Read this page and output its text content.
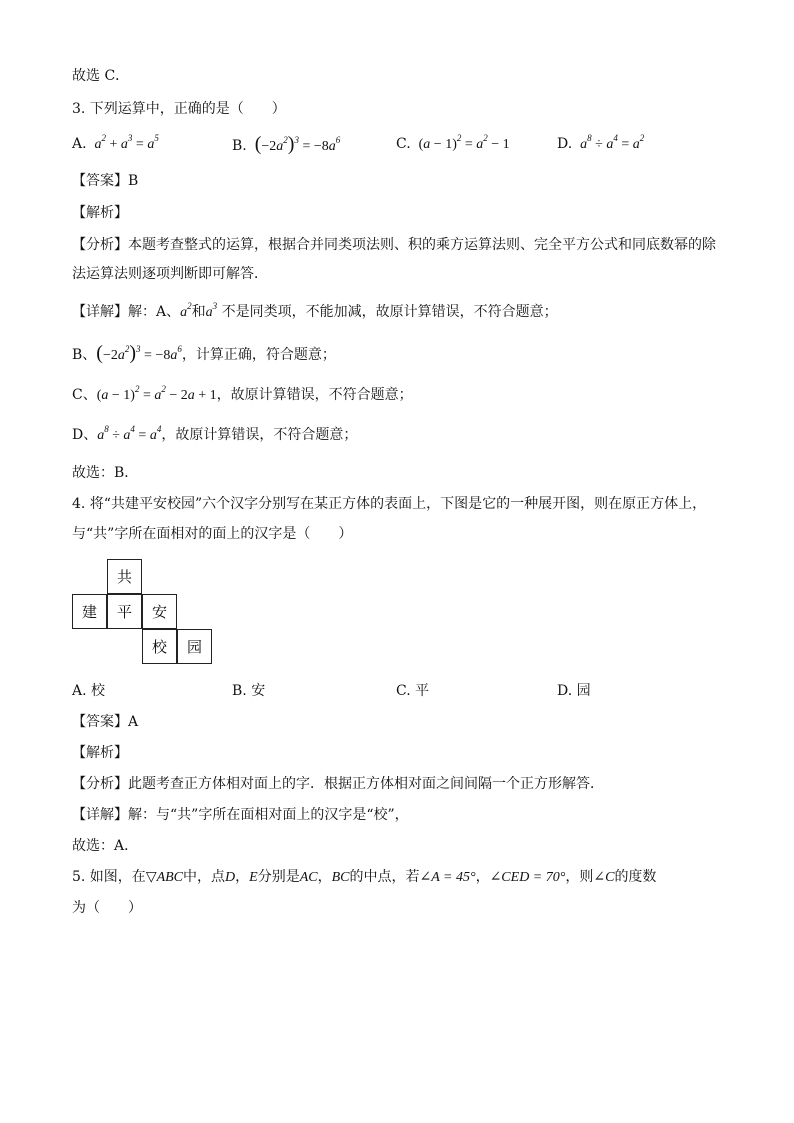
故选 C．
3. 下列运算中，正确的是（　　）
A.  $a^2 + a^3 = a^5$	B. $(-2a^2)^3 = -8a^6$	C. $(a - 1)^2 = a^2 - 1$	D.  $a^8 \div a^4 = a^2$
【答案】B
【解析】
【分析】本题考查整式的运算，根据合并同类项法则、积的乘方运算法则、完全平方公式和同底数幂的除
法运算法则逐项判断即可解答．
【详解】解：A、$a^2$和$a^3$ 不是同类项，不能加减，故原计算错误，不符合题意；
B、$(-2a^2)^3 = -8a^6$，计算正确，符合题意；
C、$(a - 1)^2 = a^2 - 2a + 1$，故原计算错误，不符合题意；
D、$a^8 \div a^4 = a^4$，故原计算错误，不符合题意；
故选：B．
4. 将“共建平安校园”六个汉字分别写在某正方体的表面上，下图是它的一种展开图，则在原正方体上，
与“共”字所在面相对的面上的汉字是（　　）
共
建	平	安
校	园
A. 校	B. 安	C. 平	D. 园
【答案】A
【解析】
【分析】此题考查正方体相对面上的字．根据正方体相对面之间间隔一个正方形解答．
【详解】解：与“共”字所在面相对面上的汉字是“校”，
故选：A．
5. 如图，在▽ABC中，点D，E分别是AC，BC的中点，若∠A = 45°，∠CED = 70°，则∠C的度数
为（　　）
